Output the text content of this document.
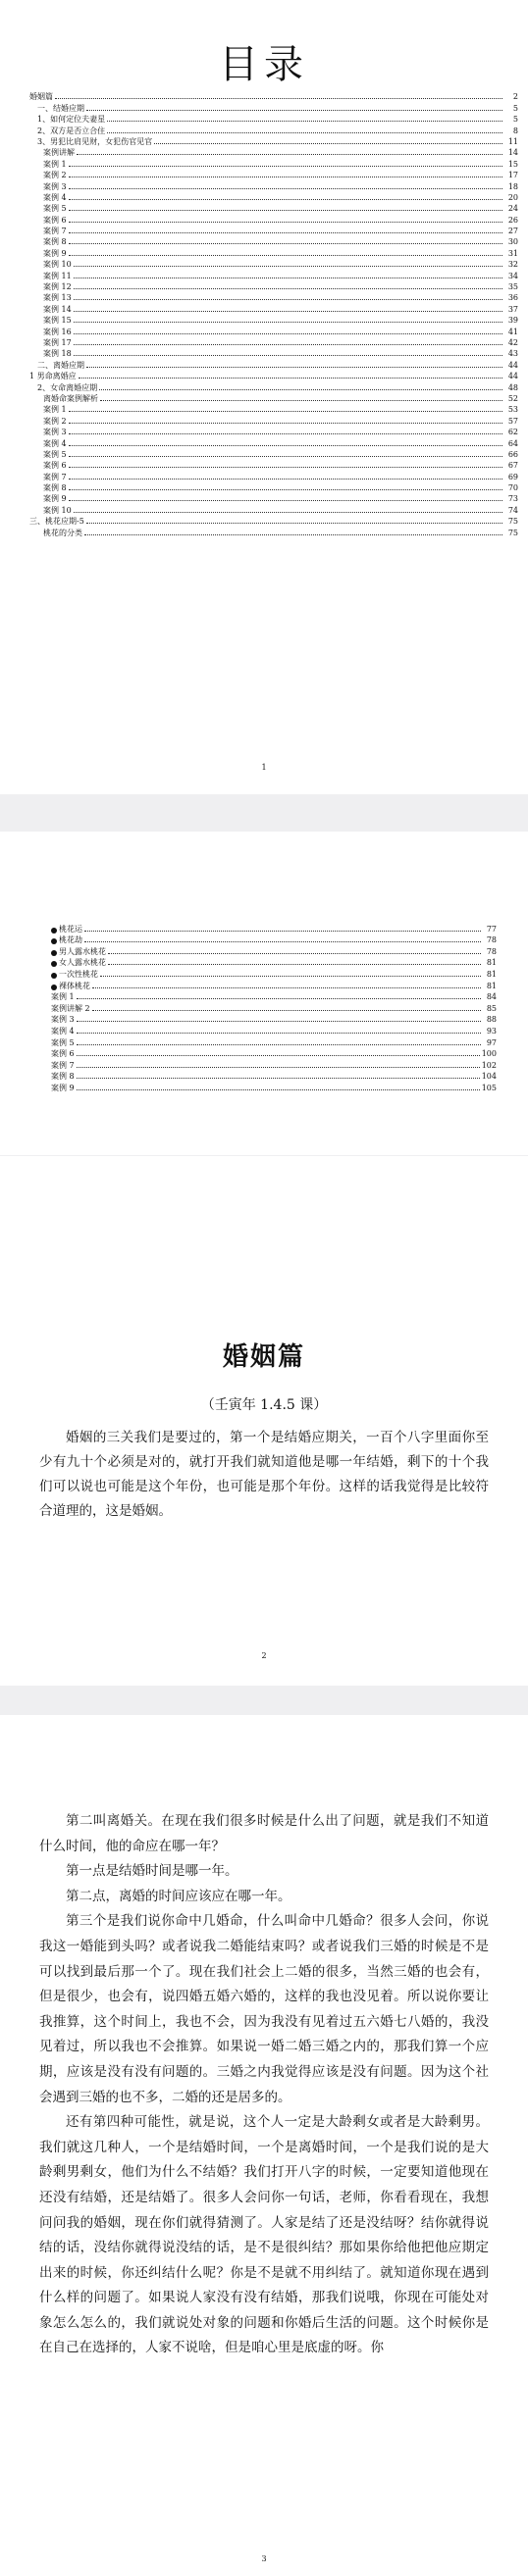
目录
婚姻篇	2
一、结婚应期	5
1、如何定位夫妻星	5
2、双方是否立合住	8
3、男犯比肩见财，女犯伤官见官	11
案例讲解	14
案例 1	15
案例 2	17
案例 3	18
案例 4	20
案例 5	24
案例 6	26
案例 7	27
案例 8	30
案例 9	31
案例 10	32
案例 11	34
案例 12	35
案例 13	36
案例 14	37
案例 15	39
案例 16	41
案例 17	42
案例 18	43
二、离婚应期	44
1 男命离婚应	44
2、女命离婚应期	48
离婚命案例解析	52
案例 1	53
案例 2	57
案例 3	62
案例 4	64
案例 5	66
案例 6	67
案例 7	69
案例 8	70
案例 9	73
案例 10	74
三、桃花应期-5	75
桃花的分类	75
1
桃花运	77
桃花劫	78
男人露水桃花	78
女人露水桃花	81
一次性桃花	81
裸体桃花	81
案例 1	84
案例讲解 2	85
案例 3	88
案例 4	93
案例 5	97
案例 6	100
案例 7	102
案例 8	104
案例 9	105
婚姻篇
（壬寅年 1.4.5 课）

婚姻的三关我们是要过的，第一个是结婚应期关，一百个八字里面你至少有九十个必须是对的，就打开我们就知道他是哪一年结婚，剩下的十个我们可以说也可能是这个年份，也可能是那个年份。这样的话我觉得是比较符合道理的，这是婚姻。

2

第二叫离婚关。在现在我们很多时候是什么出了问题，就是我们不知道什么时间，他的命应在哪一年？

第一点是结婚时间是哪一年。

第二点，离婚的时间应该应在哪一年。

第三个是我们说你命中几婚命，什么叫命中几婚命？很多人会问，你说我这一婚能到头吗？或者说我二婚能结束吗？或者说我们三婚的时候是不是可以找到最后那一个了。现在我们社会上二婚的很多，当然三婚的也会有，但是很少，也会有，说四婚五婚六婚的，这样的我也没见着。所以说你要让我推算，这个时间上，我也不会，因为我没有见着过五六婚七八婚的，我没见着过，所以我也不会推算。如果说一婚二婚三婚之内的，那我们算一个应期，应该是没有没有问题的。三婚之内我觉得应该是没有问题。因为这个社会遇到三婚的也不多，二婚的还是居多的。

还有第四种可能性，就是说，这个人一定是大龄剩女或者是大龄剩男。我们就这几种人，一个是结婚时间，一个是离婚时间，一个是我们说的是大龄剩男剩女，他们为什么不结婚？我们打开八字的时候，一定要知道他现在还没有结婚，还是结婚了。很多人会问你一句话，老师，你看看现在，我想问问我的婚姻，现在你们就得猜测了。人家是结了还是没结呀？结你就得说结的话，没结你就得说没结的话，是不是很纠结？那如果你给他把他应期定出来的时候，你还纠结什么呢？你是不是就不用纠结了。就知道你现在遇到什么样的问题了。如果说人家没有没有结婚，那我们说哦，你现在可能处对象怎么怎么的，我们就说处对象的问题和你婚后生活的问题。这个时候你是在自己在选择的，人家不说啥，但是咱心里是底虚的呀。你

3
